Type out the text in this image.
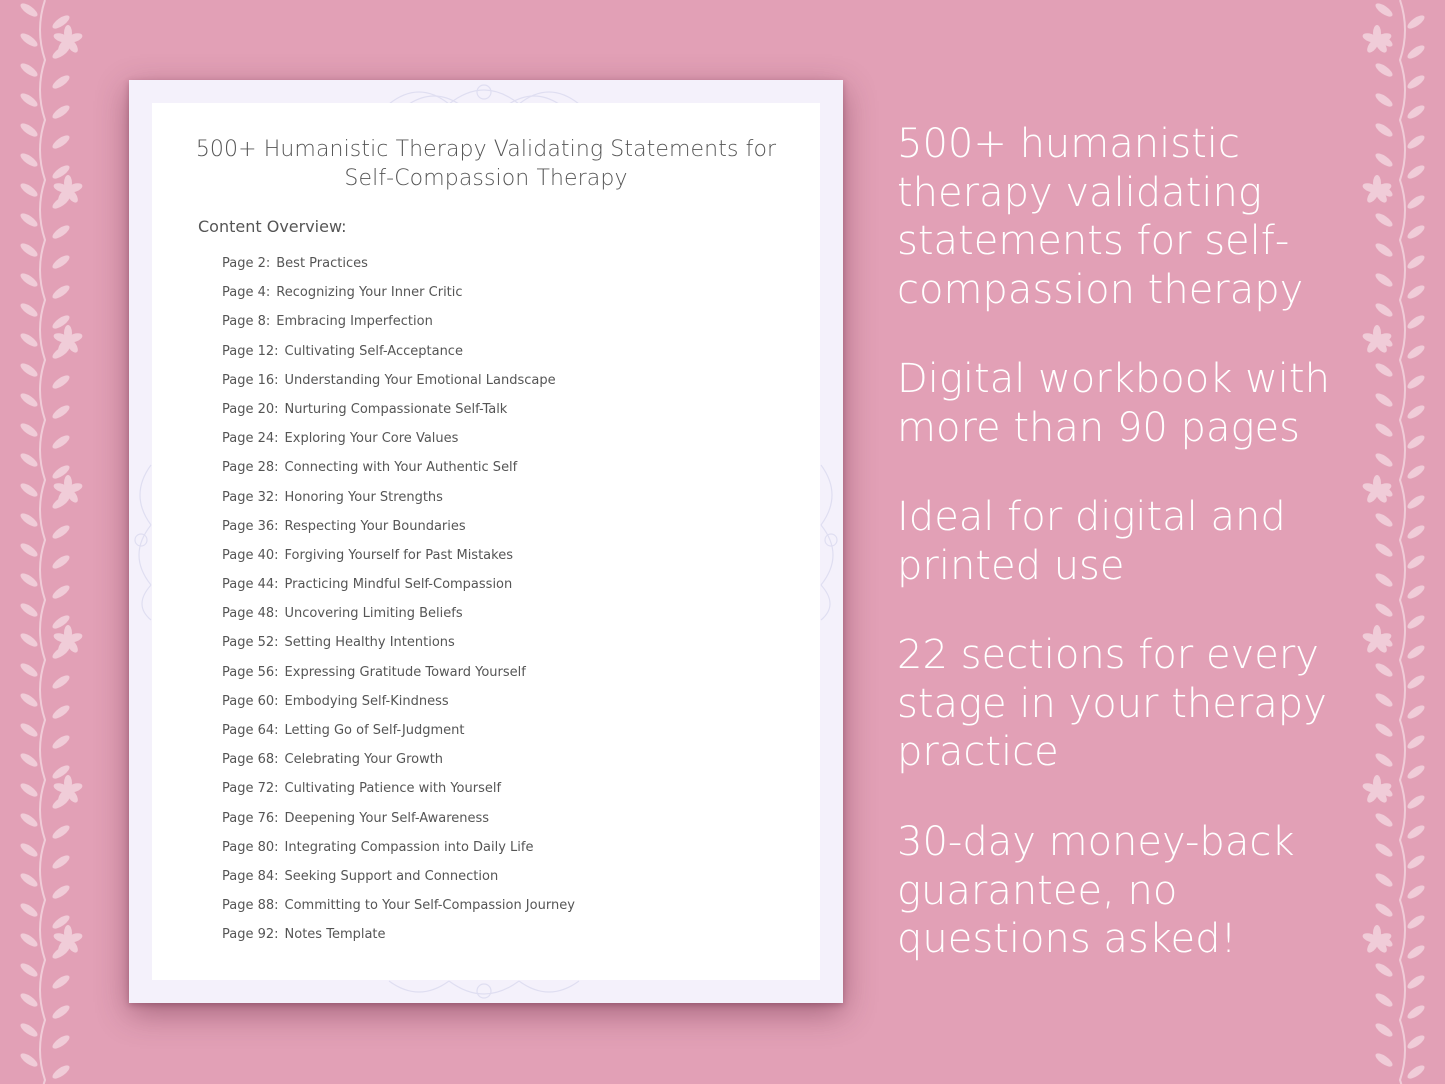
500+ Humanistic Therapy Validating Statements for Self-Compassion Therapy
Content Overview:
Page 2: Best Practices
Page 4: Recognizing Your Inner Critic
Page 8: Embracing Imperfection
Page 12: Cultivating Self-Acceptance
Page 16: Understanding Your Emotional Landscape
Page 20: Nurturing Compassionate Self-Talk
Page 24: Exploring Your Core Values
Page 28: Connecting with Your Authentic Self
Page 32: Honoring Your Strengths
Page 36: Respecting Your Boundaries
Page 40: Forgiving Yourself for Past Mistakes
Page 44: Practicing Mindful Self-Compassion
Page 48: Uncovering Limiting Beliefs
Page 52: Setting Healthy Intentions
Page 56: Expressing Gratitude Toward Yourself
Page 60: Embodying Self-Kindness
Page 64: Letting Go of Self-Judgment
Page 68: Celebrating Your Growth
Page 72: Cultivating Patience with Yourself
Page 76: Deepening Your Self-Awareness
Page 80: Integrating Compassion into Daily Life
Page 84: Seeking Support and Connection
Page 88: Committing to Your Self-Compassion Journey
Page 92: Notes Template

500+ humanistic
therapy validating
statements for self-
compassion therapy

Digital workbook with
more than 90 pages

Ideal for digital and
printed use

22 sections for every
stage in your therapy
practice

30-day money-back
guarantee, no
questions asked!
